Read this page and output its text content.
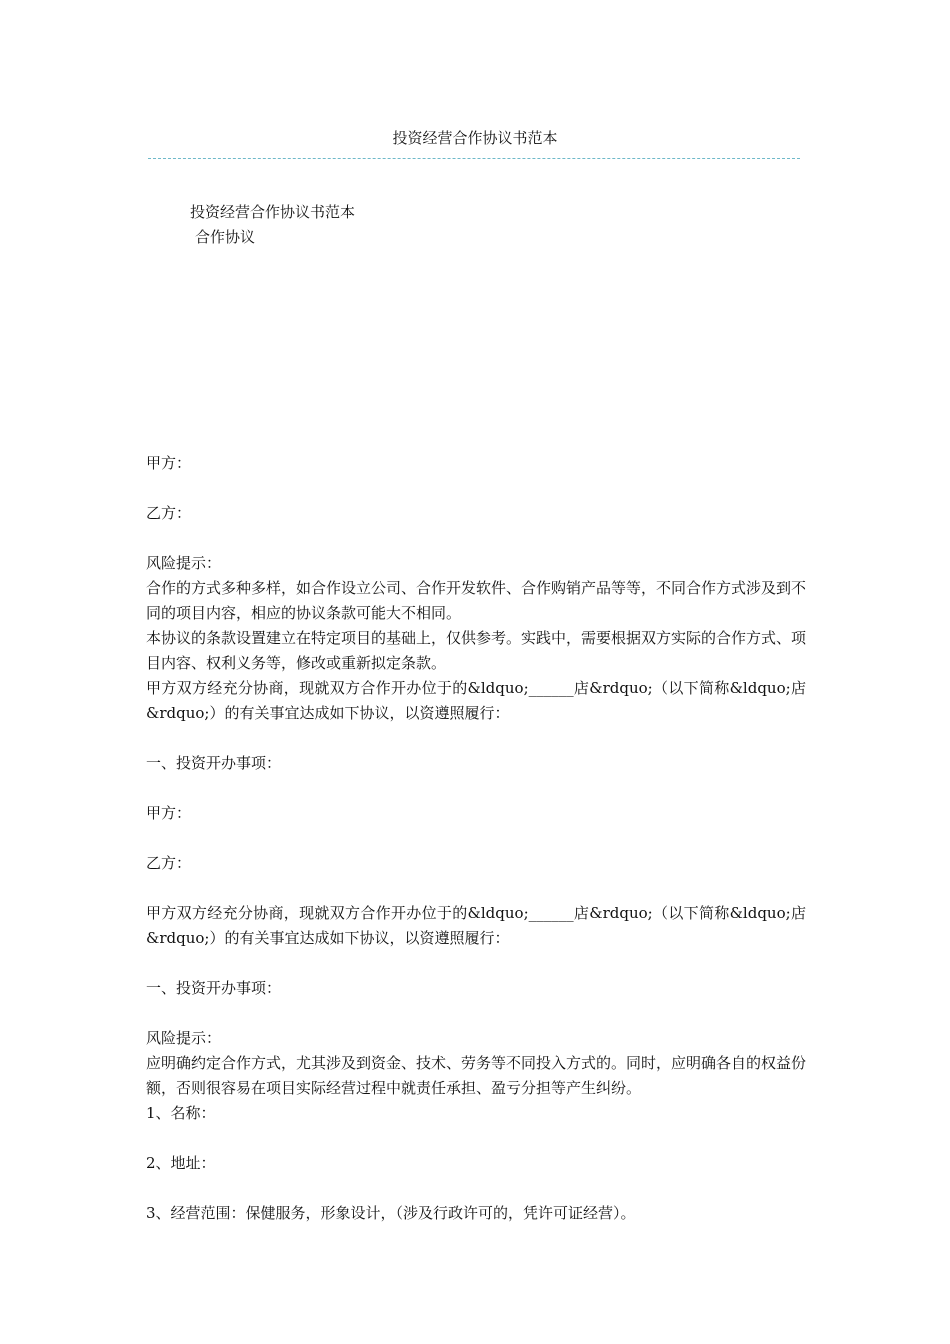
投资经营合作协议书范本
投资经营合作协议书范本
合作协议

甲方：

乙方：

风险提示：

合作的方式多种多样，如合作设立公司、合作开发软件、合作购销产品等等，不同合作方式涉及到不同的项目内容，相应的协议条款可能大不相同。

本协议的条款设置建立在特定项目的基础上，仅供参考。实践中，需要根据双方实际的合作方式、项目内容、权利义务等，修改或重新拟定条款。

甲方双方经充分协商，现就双方合作开办位于的&ldquo;______店&rdquo;（以下简称&ldquo;店&rdquo;）的有关事宜达成如下协议，以资遵照履行：

一、投资开办事项：

甲方：

乙方：

甲方双方经充分协商，现就双方合作开办位于的&ldquo;______店&rdquo;（以下简称&ldquo;店&rdquo;）的有关事宜达成如下协议，以资遵照履行：

一、投资开办事项：

风险提示：

应明确约定合作方式，尤其涉及到资金、技术、劳务等不同投入方式的。同时，应明确各自的权益份额，否则很容易在项目实际经营过程中就责任承担、盈亏分担等产生纠纷。

1、名称：

2、地址：

3、经营范围：保健服务，形象设计，（涉及行政许可的，凭许可证经营）。
